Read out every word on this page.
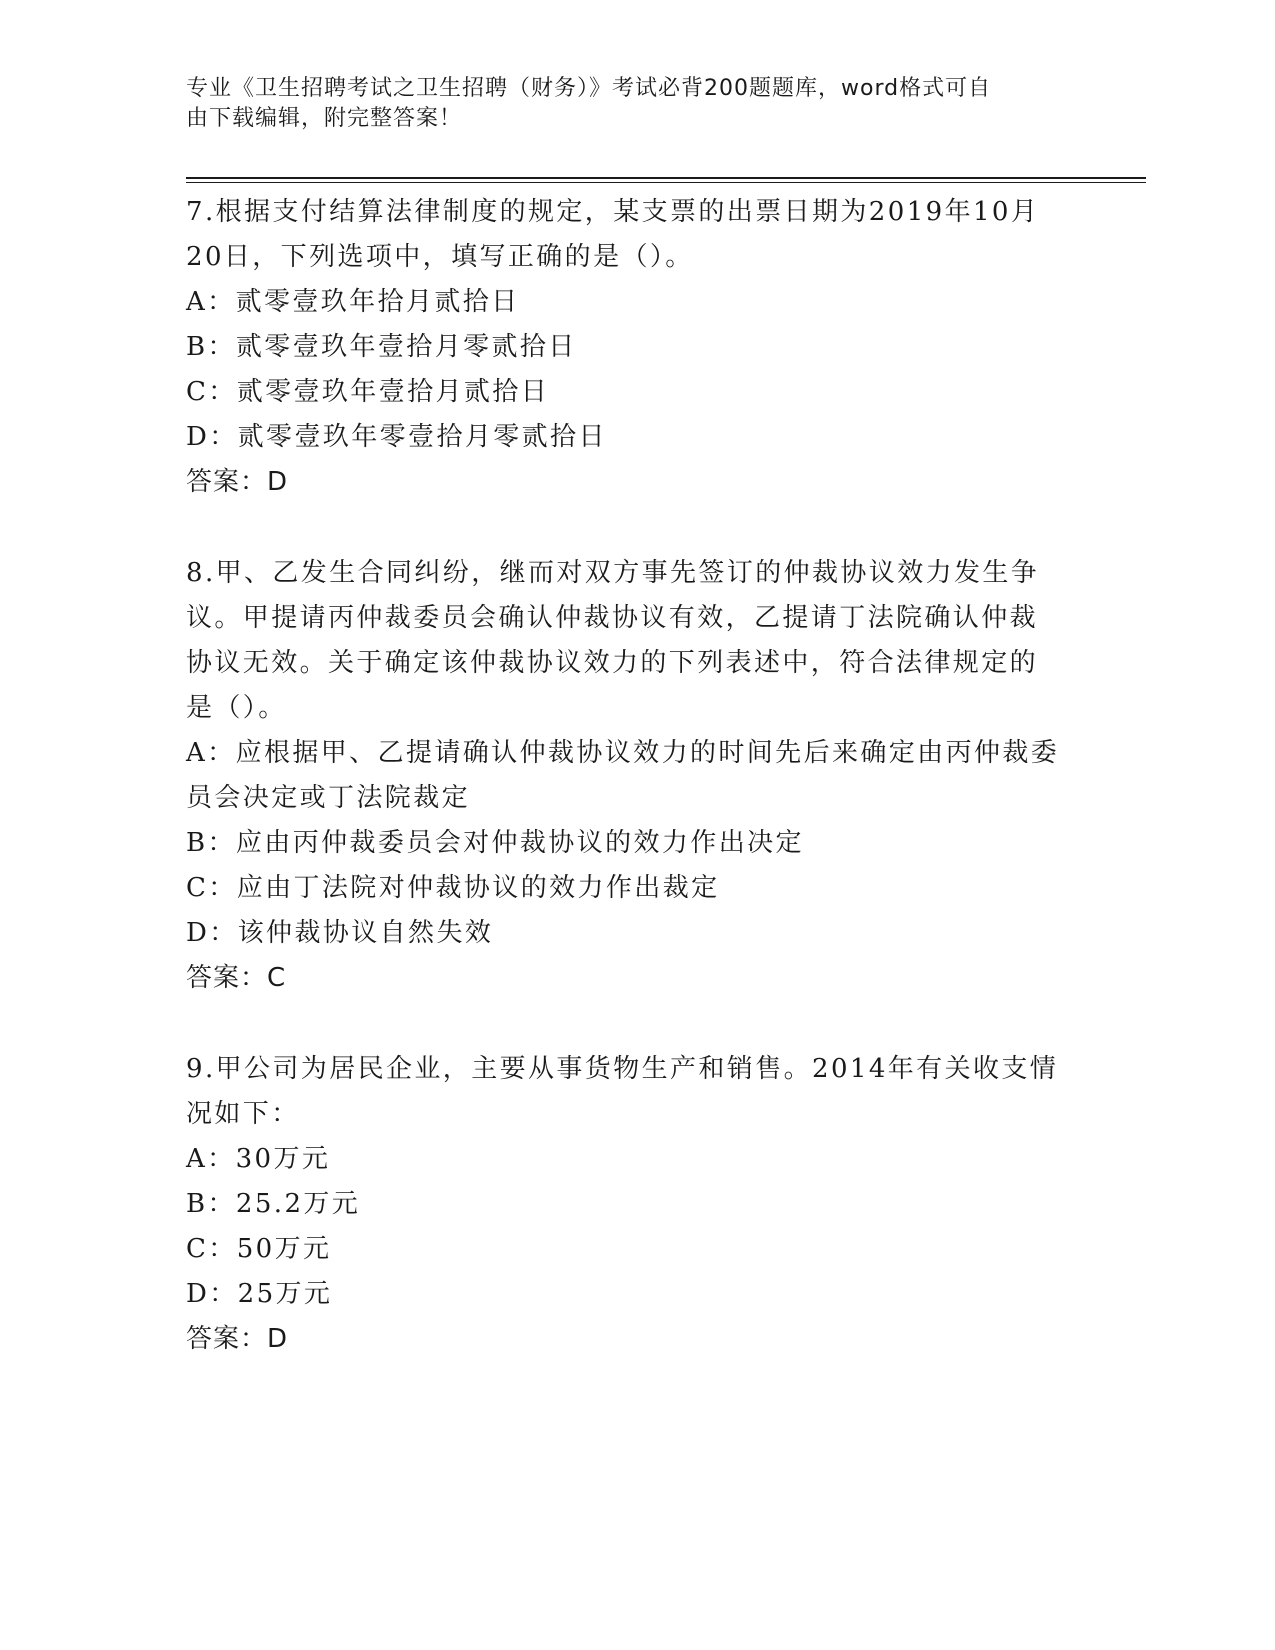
专业《卫生招聘考试之卫生招聘（财务）》考试必背200题题库，word格式可自
由下载编辑，附完整答案！
7.根据支付结算法律制度的规定，某支票的出票日期为2019年10月
20日，下列选项中，填写正确的是（）。
A：贰零壹玖年拾月贰拾日
B：贰零壹玖年壹拾月零贰拾日
C：贰零壹玖年壹拾月贰拾日
D：贰零壹玖年零壹拾月零贰拾日
答案：D
8.甲、乙发生合同纠纷，继而对双方事先签订的仲裁协议效力发生争
议。甲提请丙仲裁委员会确认仲裁协议有效，乙提请丁法院确认仲裁
协议无效。关于确定该仲裁协议效力的下列表述中，符合法律规定的
是（）。
A：应根据甲、乙提请确认仲裁协议效力的时间先后来确定由丙仲裁委
员会决定或丁法院裁定
B：应由丙仲裁委员会对仲裁协议的效力作出决定
C：应由丁法院对仲裁协议的效力作出裁定
D：该仲裁协议自然失效
答案：C
9.甲公司为居民企业，主要从事货物生产和销售。2014年有关收支情
况如下：
A：30万元
B：25.2万元
C：50万元
D：25万元
答案：D
